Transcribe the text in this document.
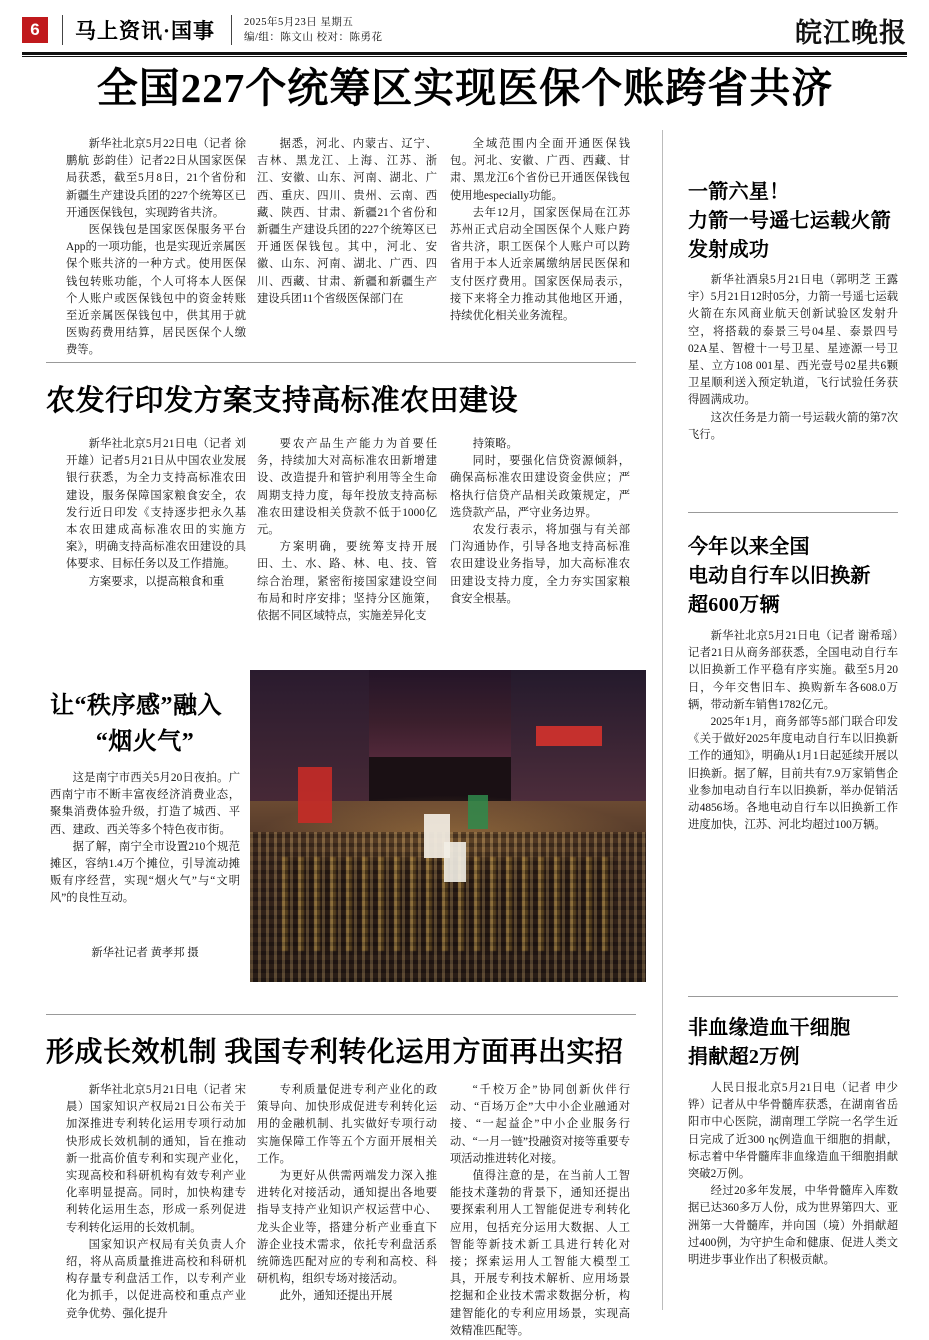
6	马上资讯·国事	2025年5月23日 星期五
编/组：陈文山 校对：陈勇花	皖江晚报
全国227个统筹区实现医保个账跨省共济

新华社北京5月22日电（记者 徐鹏航 彭韵佳）记者22日从国家医保局获悉，截至5月8日，21个省份和新疆生产建设兵团的227个统筹区已开通医保钱包，实现跨省共济。

医保钱包是国家医保服务平台App的一项功能，也是实现近亲属医保个账共济的一种方式。使用医保钱包转账功能，个人可将本人医保个人账户或医保钱包中的资金转账至近亲属医保钱包中，供其用于就医购药费用结算，居民医保个人缴费等。

据悉，河北、内蒙古、辽宁、吉林、黑龙江、上海、江苏、浙江、安徽、山东、河南、湖北、广西、重庆、四川、贵州、云南、西藏、陕西、甘肃、新疆21个省份和新疆生产建设兵团的227个统筹区已开通医保钱包。其中，河北、安徽、山东、河南、湖北、广西、四川、西藏、甘肃、新疆和新疆生产建设兵团11个省级医保部门在

全域范围内全面开通医保钱包。河北、安徽、广西、西藏、甘肃、黑龙江6个省份已开通医保钱包使用地especially功能。

去年12月，国家医保局在江苏苏州正式启动全国医保个人账户跨省共济，职工医保个人账户可以跨省用于本人近亲属缴纳居民医保和支付医疗费用。国家医保局表示，接下来将全力推动其他地区开通，持续优化相关业务流程。

农发行印发方案支持高标准农田建设

新华社北京5月21日电（记者 刘开雄）记者5月21日从中国农业发展银行获悉，为全力支持高标准农田建设，服务保障国家粮食安全，农发行近日印发《支持逐步把永久基本农田建成高标准农田的实施方案》，明确支持高标准农田建设的具体要求、目标任务以及工作措施。

方案要求，以提高粮食和重

要农产品生产能力为首要任务，持续加大对高标准农田新增建设、改造提升和管护利用等全生命周期支持力度，每年投放支持高标准农田建设相关贷款不低于1000亿元。

方案明确，要统筹支持开展田、土、水、路、林、电、技、管综合治理，紧密衔接国家建设空间布局和时序安排；坚持分区施策，依据不同区域特点，实施差异化支

持策略。

同时，要强化信贷资源倾斜，确保高标准农田建设资金供应；严格执行信贷产品相关政策规定，严选贷款产品，严守业务边界。

农发行表示，将加强与有关部门沟通协作，引导各地支持高标准农田建设业务指导，加大高标准农田建设支持力度，全力夯实国家粮食安全根基。

让“秩序感”融入
“烟火气”

这是南宁市西关5月20日夜拍。广西南宁市不断丰富夜经济消费业态，聚集消费体验升级，打造了城西、平西、建政、西关等多个特色夜市街。

据了解，南宁全市设置210个规范摊区，容纳1.4万个摊位，引导流动摊贩有序经营，实现“烟火气”与“文明风”的良性互动。

新华社记者 黄孝邦 摄
形成长效机制 我国专利转化运用方面再出实招

新华社北京5月21日电（记者 宋晨）国家知识产权局21日公布关于加深推进专利转化运用专项行动加快形成长效机制的通知，旨在推动新一批高价值专利和实现产业化，实现高校和科研机构有效专利产业化率明显提高。同时，加快构建专利转化运用生态，形成一系列促进专利转化运用的长效机制。

国家知识产权局有关负责人介绍，将从高质量推进高校和科研机构存量专利盘活工作，以专利产业化为抓手，以促进高校和重点产业竞争优势、强化提升

专利质量促进专利产业化的政策导向、加快形成促进专利转化运用的金融机制、扎实做好专项行动实施保障工作等五个方面开展相关工作。

为更好从供需两端发力深入推进转化对接活动，通知提出各地要指导支持产业知识产权运营中心、龙头企业等，搭建分析产业垂直下游企业技术需求，依托专利盘活系统筛选匹配对应的专利和高校、科研机构，组织专场对接活动。

此外，通知还提出开展

“千校万企”协同创新伙伴行动、“百场万企”大中小企业融通对接、“一起益企”中小企业服务行动、“一月一链”投融资对接等重要专项活动推进转化对接。

值得注意的是，在当前人工智能技术蓬勃的背景下，通知还提出要探索利用人工智能促进专利转化应用，包括充分运用大数据、人工智能等新技术新工具进行转化对接；探索运用人工智能大模型工具，开展专利技术解析、应用场景挖掘和企业技术需求数据分析，构建智能化的专利应用场景，实现高效精准匹配等。

一箭六星！
力箭一号遥七运载火箭
发射成功

新华社酒泉5月21日电（郭明芝 王露宇）5月21日12时05分，力箭一号遥七运载火箭在东风商业航天创新试验区发射升空，将搭载的泰景三号04星、泰景四号02A星、智橙十一号卫星、星迹源一号卫星、立方108 001星、西光壹号02星共6颗卫星顺利送入预定轨道，飞行试验任务获得圆满成功。

这次任务是力箭一号运载火箭的第7次飞行。

今年以来全国
电动自行车以旧换新
超600万辆

新华社北京5月21日电（记者 谢希瑶）记者21日从商务部获悉，全国电动自行车以旧换新工作平稳有序实施。截至5月20日，今年交售旧车、换购新车各608.0万辆，带动新车销售1782亿元。

2025年1月，商务部等5部门联合印发《关于做好2025年度电动自行车以旧换新工作的通知》，明确从1月1日起延续开展以旧换新。据了解，目前共有7.9万家销售企业参加电动自行车以旧换新，举办促销活动4856场。各地电动自行车以旧换新工作进度加快，江苏、河北均超过100万辆。

非血缘造血干细胞
捐献超2万例

人民日报北京5月21日电（记者 申少铧）记者从中华骨髓库获悉，在湖南省岳阳市中心医院，湖南理工学院一名学生近日完成了近300 ης例造血干细胞的捐献，标志着中华骨髓库非血缘造血干细胞捐献突破2万例。

经过20多年发展，中华骨髓库入库数据已达360多万人份，成为世界第四大、亚洲第一大骨髓库，并向国（境）外捐献超过400例，为守护生命和健康、促进人类文明进步事业作出了积极贡献。
